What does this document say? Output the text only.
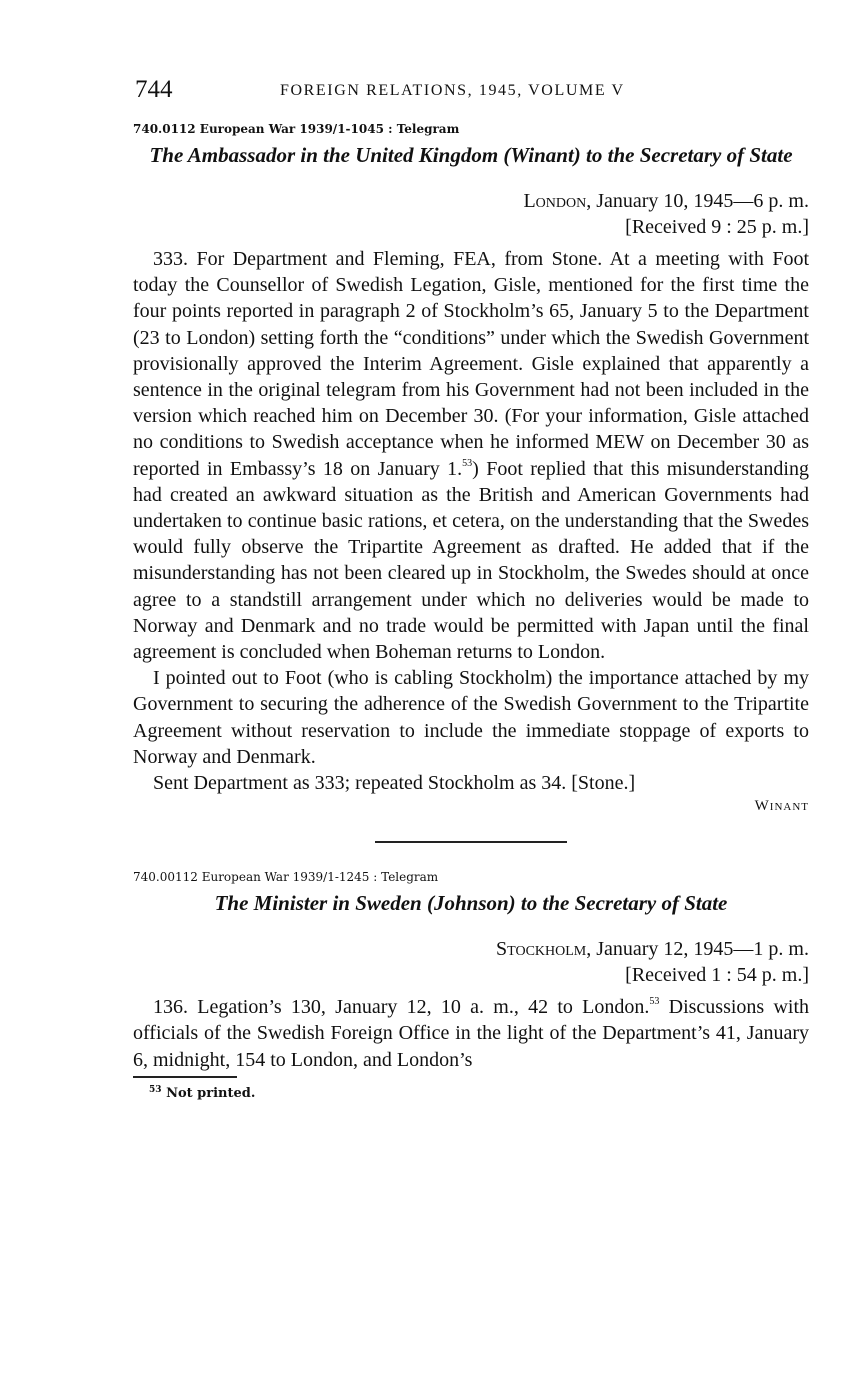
744	FOREIGN RELATIONS, 1945, VOLUME V
740.0112 European War 1939/1-1045 : Telegram
The Ambassador in the United Kingdom (Winant) to the Secretary of State
London, January 10, 1945—6 p. m.
[Received 9 : 25 p. m.]

333. For Department and Fleming, FEA, from Stone. At a meeting with Foot today the Counsellor of Swedish Legation, Gisle, mentioned for the first time the four points reported in paragraph 2 of Stockholm’s 65, January 5 to the Department (23 to London) setting forth the “conditions” under which the Swedish Government provisionally approved the Interim Agreement. Gisle explained that apparently a sentence in the original telegram from his Government had not been included in the version which reached him on December 30. (For your information, Gisle attached no conditions to Swedish acceptance when he informed MEW on December 30 as reported in Embassy’s 18 on January 1.53) Foot replied that this misunderstanding had created an awkward situation as the British and American Governments had undertaken to continue basic rations, et cetera, on the understanding that the Swedes would fully observe the Tripartite Agreement as drafted. He added that if the misunderstanding has not been cleared up in Stockholm, the Swedes should at once agree to a standstill arrangement under which no deliveries would be made to Norway and Denmark and no trade would be permitted with Japan until the final agreement is concluded when Boheman returns to London.

I pointed out to Foot (who is cabling Stockholm) the importance attached by my Government to securing the adherence of the Swedish Government to the Tripartite Agreement without reservation to include the immediate stoppage of exports to Norway and Denmark.

Sent Department as 333; repeated Stockholm as 34. [Stone.]

Winant
740.00112 European War 1939/1-1245 : Telegram
The Minister in Sweden (Johnson) to the Secretary of State
Stockholm, January 12, 1945—1 p. m.
[Received 1 : 54 p. m.]

136. Legation’s 130, January 12, 10 a. m., 42 to London.$^{53}$ Discussions with officials of the Swedish Foreign Office in the light of the Department’s 41, January 6, midnight, 154 to London, and London’s

$^{53}$ Not printed.
